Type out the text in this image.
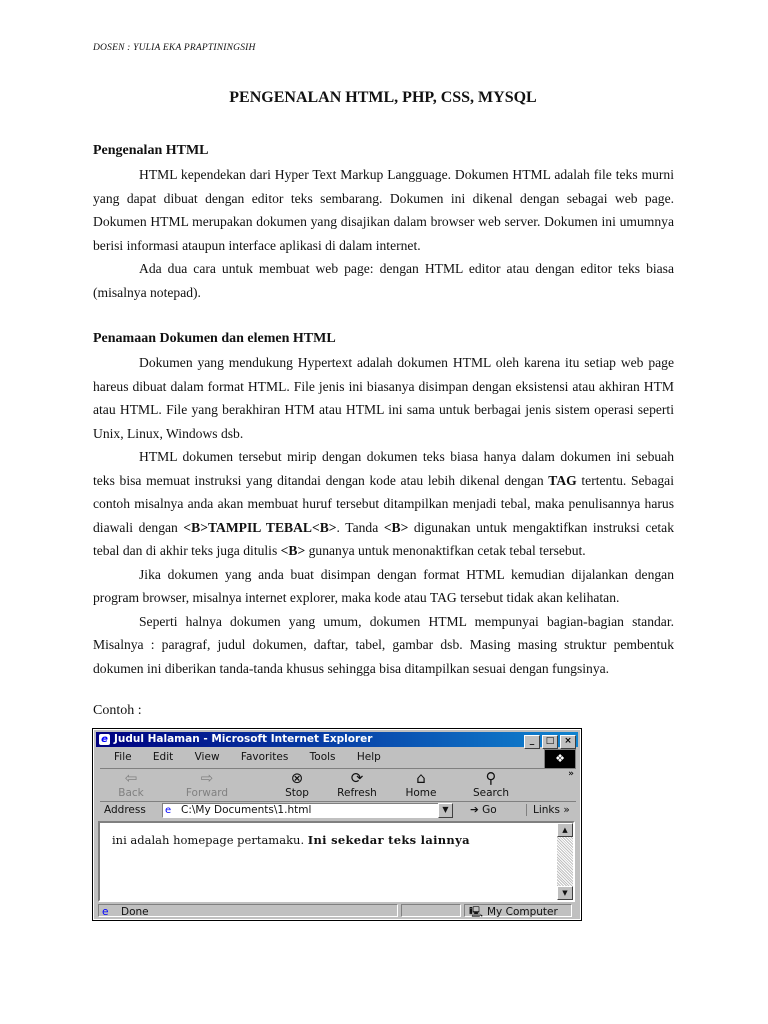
DOSEN : YULIA EKA PRAPTININGSIH
PENGENALAN HTML, PHP, CSS, MYSQL
Pengenalan HTML

HTML kependekan dari Hyper Text Markup Langguage. Dokumen HTML adalah file teks murni yang dapat dibuat dengan editor teks sembarang. Dokumen ini dikenal dengan sebagai web page. Dokumen HTML merupakan dokumen yang disajikan dalam browser web server. Dokumen ini umumnya berisi informasi ataupun interface aplikasi di dalam internet.

Ada dua cara untuk membuat web page: dengan HTML editor atau dengan editor teks biasa (misalnya notepad).

Penamaan Dokumen dan elemen HTML

Dokumen yang mendukung Hypertext adalah dokumen HTML oleh karena itu setiap web page hareus dibuat dalam format HTML. File jenis ini biasanya disimpan dengan eksistensi atau akhiran HTM atau HTML. File yang berakhiran HTM atau HTML ini sama untuk berbagai jenis sistem operasi seperti Unix, Linux, Windows dsb.

HTML dokumen tersebut mirip dengan dokumen teks biasa hanya dalam dokumen ini sebuah teks bisa memuat instruksi yang ditandai dengan kode atau lebih dikenal dengan TAG tertentu. Sebagai contoh misalnya anda akan membuat huruf tersebut ditampilkan menjadi tebal, maka penulisannya harus diawali dengan <B>TAMPIL TEBAL<B>. Tanda <B> digunakan untuk mengaktifkan instruksi cetak tebal dan di akhir teks juga ditulis <B> gunanya untuk menonaktifkan cetak tebal tersebut.

Jika dokumen yang anda buat disimpan dengan format HTML kemudian dijalankan dengan program browser, misalnya internet explorer, maka kode atau TAG tersebut tidak akan kelihatan.

Seperti halnya dokumen yang umum, dokumen HTML mempunyai bagian-bagian standar. Misalnya : paragraf, judul dokumen, daftar, tabel, gambar dsb. Masing masing struktur pembentuk dokumen ini diberikan tanda-tanda khusus sehingga bisa ditampilkan sesuai dengan fungsinya.

Contoh :
e Judul Halaman - Microsoft Internet Explorer	_ □ ×
File Edit View Favorites Tools Help	❖
⇦
Back
⇨
Forward
⊗
Stop
⟳
Refresh
⌂
Home
⚲
Search
»
Address e C:\My Documents\1.html	▼	➔ Go	Links »
ini adalah homepage pertamaku. Ini sekedar teks lainnya
▲
▼
e Done	🖳 My Computer
